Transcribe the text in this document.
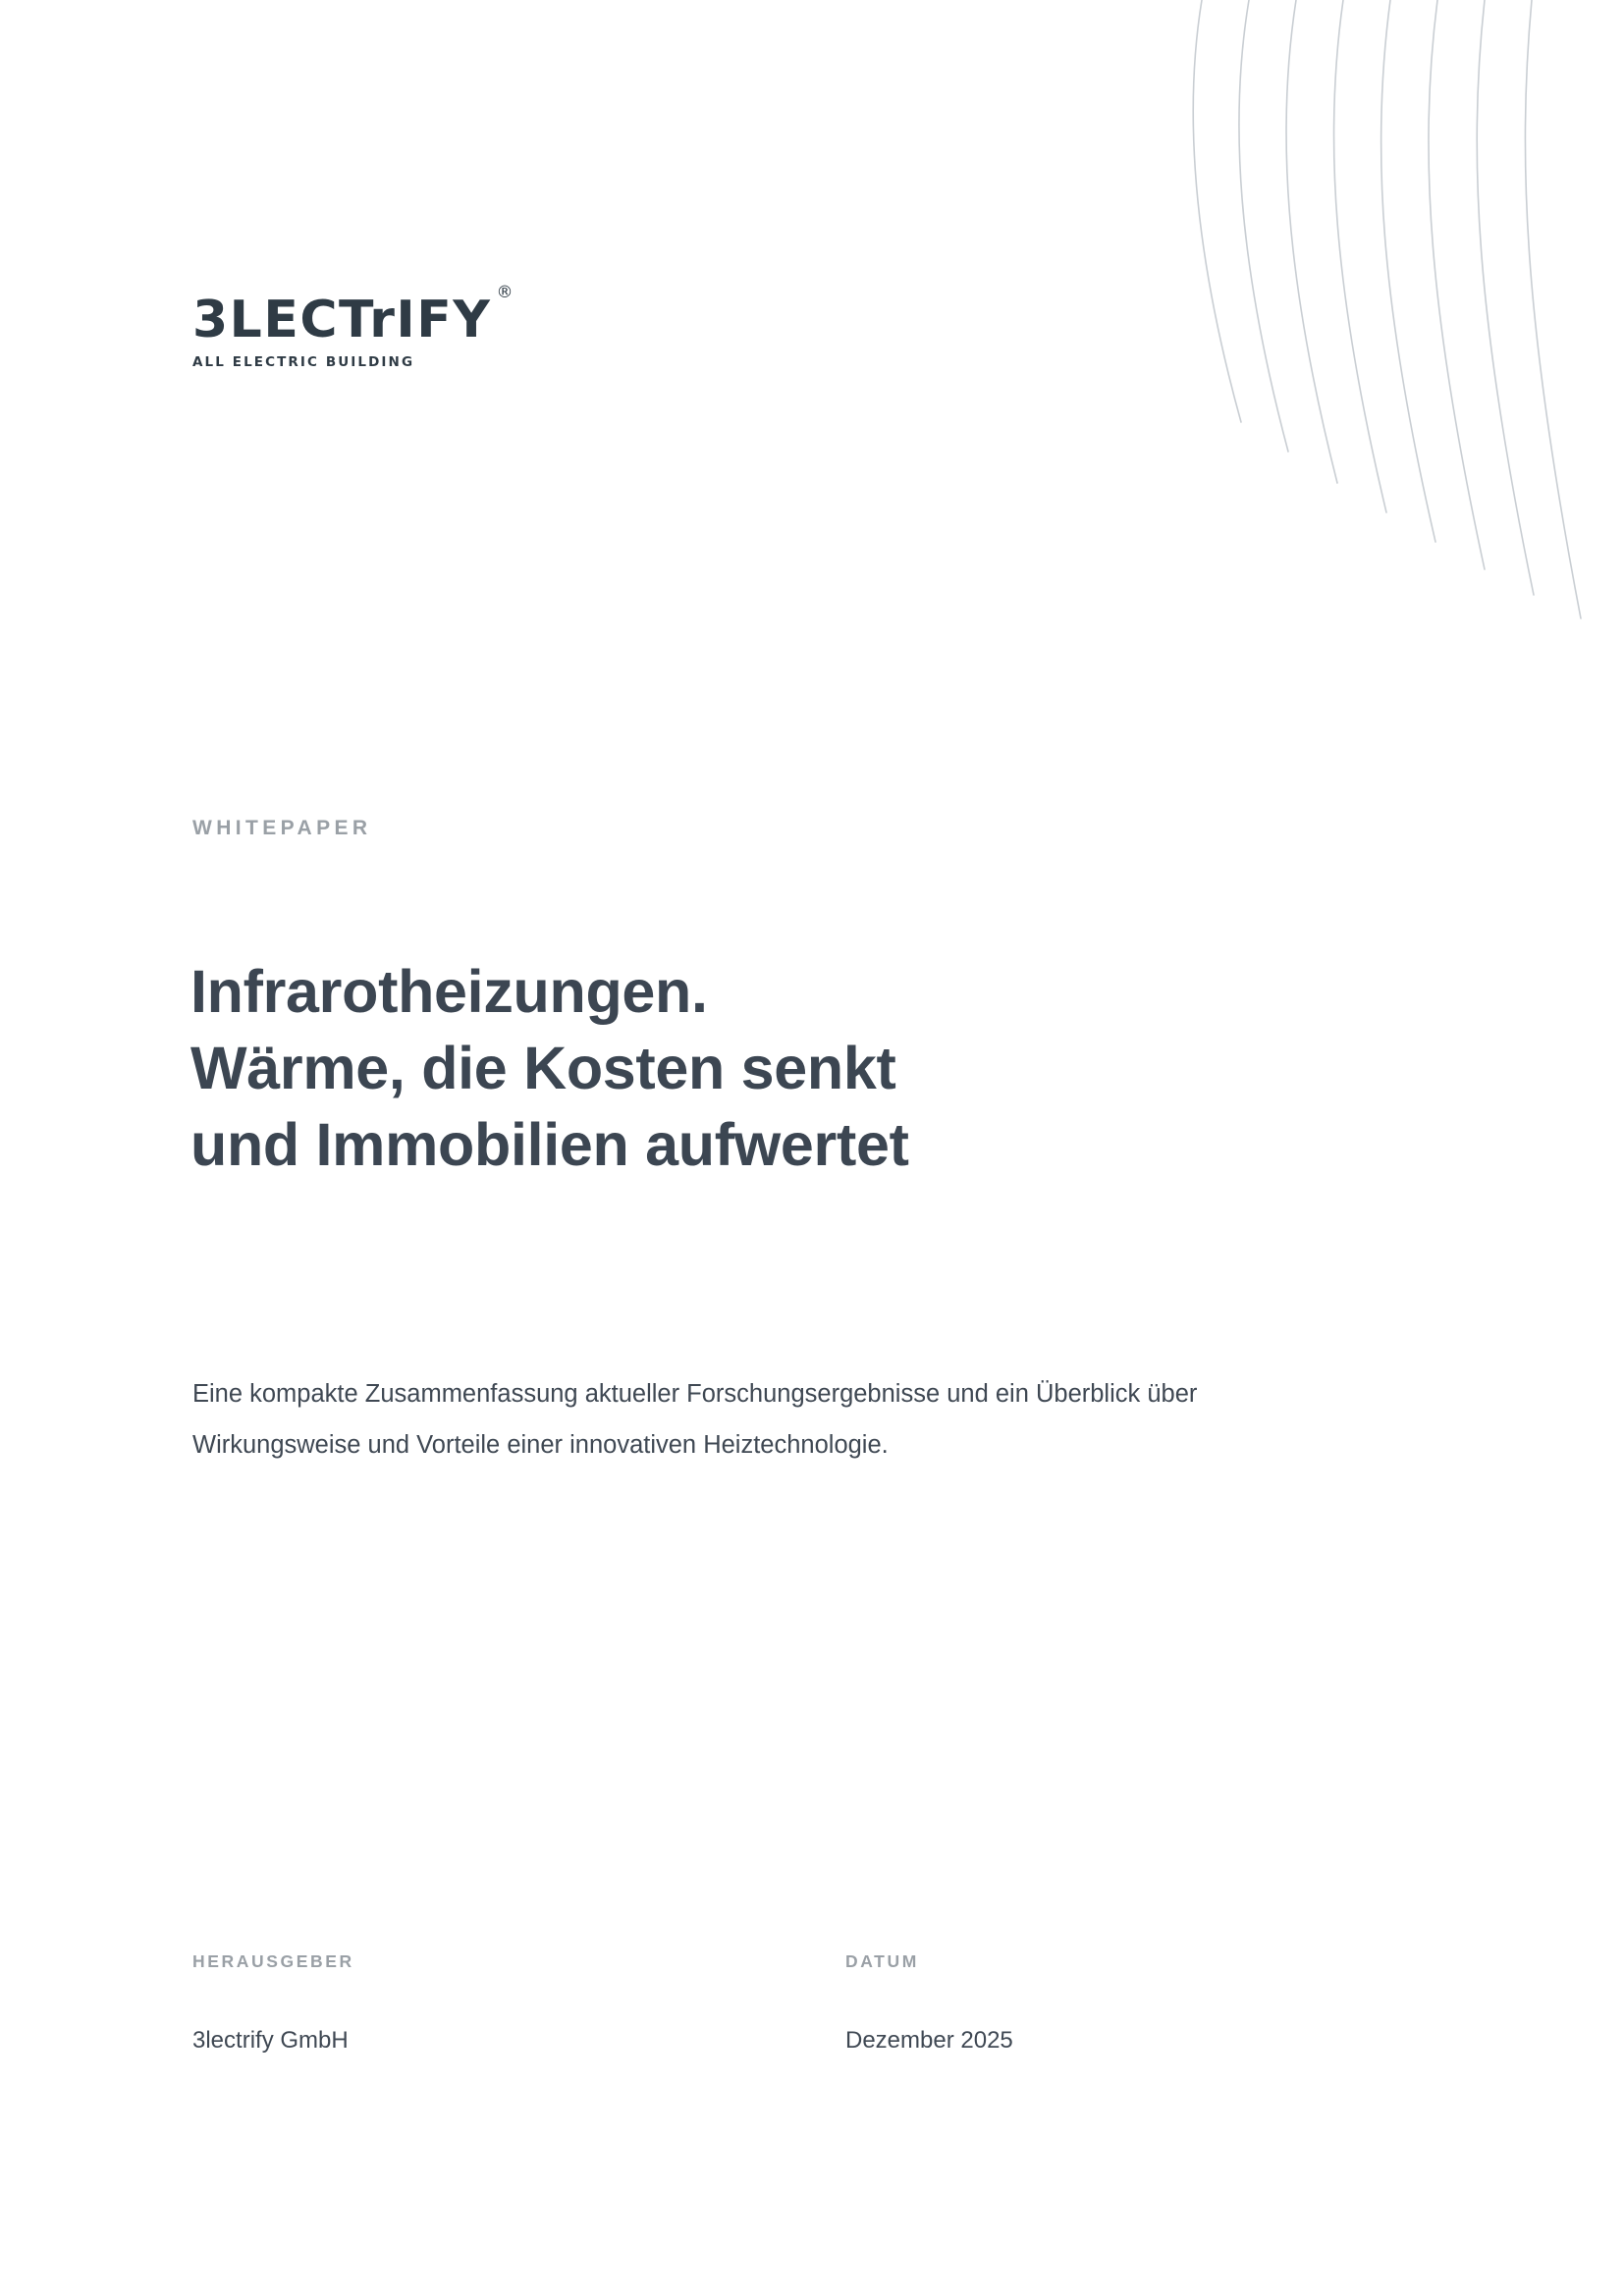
3LECTrIFY ®
ALL ELECTRIC BUILDING
WHITEPAPER
Infrarotheizungen.
Wärme, die Kosten senkt
und Immobilien aufwertet

Eine kompakte Zusammenfassung aktueller Forschungsergebnisse und ein Überblick über Wirkungsweise und Vorteile einer innovativen Heiztechnologie.

HERAUSGEBER
3lectrify GmbH
DATUM
Dezember 2025
